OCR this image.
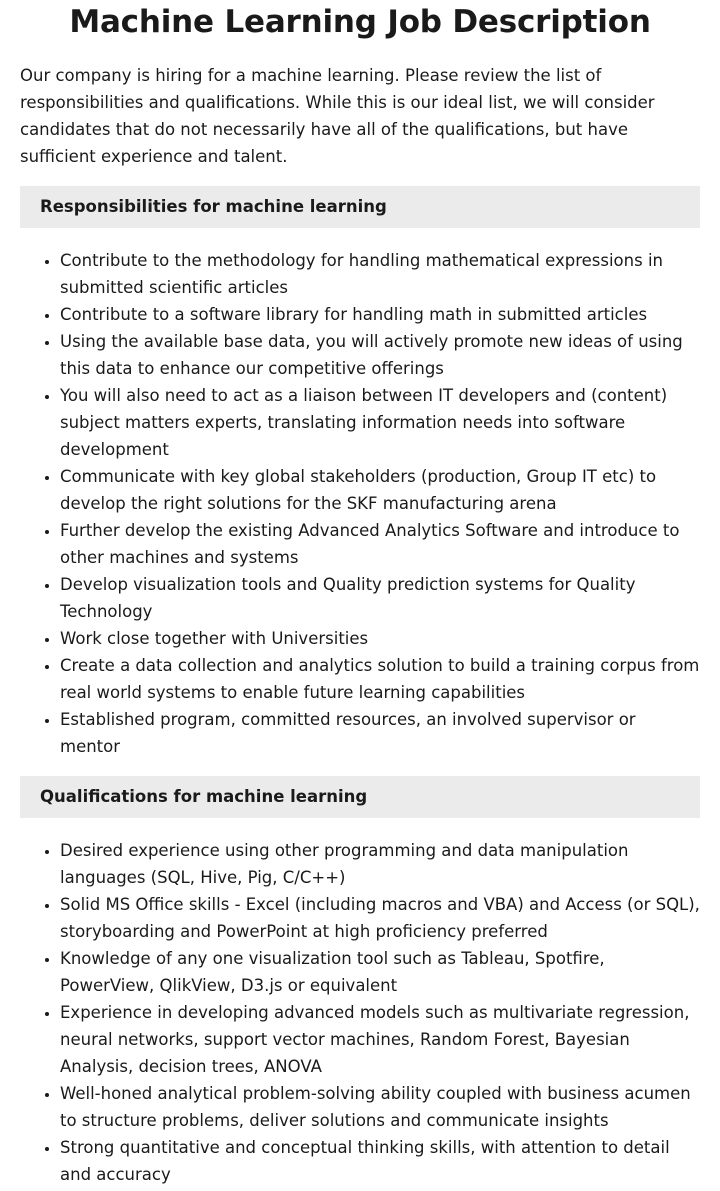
Machine Learning Job Description

Our company is hiring for a machine learning. Please review the list of responsibilities and qualifications. While this is our ideal list, we will consider candidates that do not necessarily have all of the qualifications, but have sufficient experience and talent.

Responsibilities for machine learning
• Contribute to the methodology for handling mathematical expressions in submitted scientific articles
• Contribute to a software library for handling math in submitted articles
• Using the available base data, you will actively promote new ideas of using this data to enhance our competitive offerings
• You will also need to act as a liaison between IT developers and (content) subject matters experts, translating information needs into software development
• Communicate with key global stakeholders (production, Group IT etc) to develop the right solutions for the SKF manufacturing arena
• Further develop the existing Advanced Analytics Software and introduce to other machines and systems
• Develop visualization tools and Quality prediction systems for Quality Technology
• Work close together with Universities
• Create a data collection and analytics solution to build a training corpus from real world systems to enable future learning capabilities
• Established program, committed resources, an involved supervisor or mentor
Qualifications for machine learning
• Desired experience using other programming and data manipulation languages (SQL, Hive, Pig, C/C++)
• Solid MS Office skills - Excel (including macros and VBA) and Access (or SQL), storyboarding and PowerPoint at high proficiency preferred
• Knowledge of any one visualization tool such as Tableau, Spotfire, PowerView, QlikView, D3.js or equivalent
• Experience in developing advanced models such as multivariate regression, neural networks, support vector machines, Random Forest, Bayesian Analysis, decision trees, ANOVA
• Well-honed analytical problem-solving ability coupled with business acumen to structure problems, deliver solutions and communicate insights
• Strong quantitative and conceptual thinking skills, with attention to detail and accuracy
